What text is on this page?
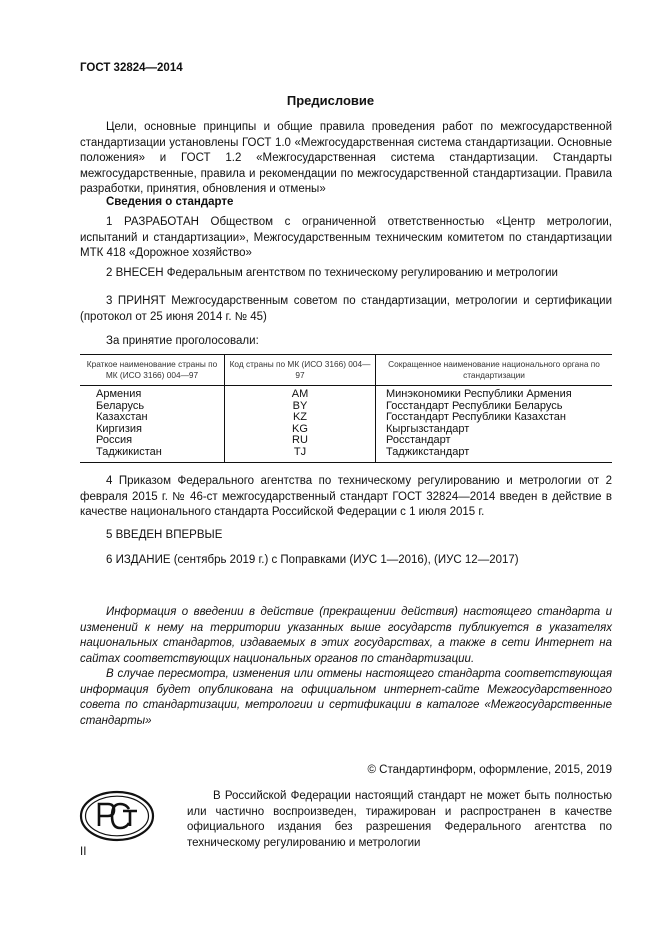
ГОСТ 32824—2014
Предисловие
Цели, основные принципы и общие правила проведения работ по межгосударственной стандартизации установлены ГОСТ 1.0 «Межгосударственная система стандартизации. Основные положения» и ГОСТ 1.2 «Межгосударственная система стандартизации. Стандарты межгосударственные, правила и рекомендации по межгосударственной стандартизации. Правила разработки, принятия, обновления и отмены»
Сведения о стандарте
1 РАЗРАБОТАН Обществом с ограниченной ответственностью «Центр метрологии, испытаний и стандартизации», Межгосударственным техническим комитетом по стандартизации МТК 418 «Дорожное хозяйство»
2 ВНЕСЕН Федеральным агентством по техническому регулированию и метрологии
3 ПРИНЯТ Межгосударственным советом по стандартизации, метрологии и сертификации (протокол от 25 июня 2014 г. № 45)
За принятие проголосовали:
Краткое наименование страны по МК (ИСО 3166) 004—97	Код страны по МК (ИСО 3166) 004—97	Сокращенное наименование национального органа по стандартизации
Армения	AM	Минэкономики Республики Армения
Беларусь	BY	Госстандарт Республики Беларусь
Казахстан	KZ	Госстандарт Республики Казахстан
Киргизия	KG	Кыргызстандарт
Россия	RU	Росстандарт
Таджикистан	TJ	Таджикстандарт
4 Приказом Федерального агентства по техническому регулированию и метрологии от 2 февраля 2015 г. № 46-ст межгосударственный стандарт ГОСТ 32824—2014 введен в действие в качестве национального стандарта Российской Федерации с 1 июля 2015 г.
5 ВВЕДЕН ВПЕРВЫЕ
6 ИЗДАНИЕ (сентябрь 2019 г.) с Поправками (ИУС 1—2016), (ИУС 12—2017)

Информация о введении в действие (прекращении действия) настоящего стандарта и изменений к нему на территории указанных выше государств публикуется в указателях национальных стандартов, издаваемых в этих государствах, а также в сети Интернет на сайтах соответствующих национальных органов по стандартизации.

В случае пересмотра, изменения или отмены настоящего стандарта соответствующая информация будет опубликована на официальном интернет-сайте Межгосударственного совета по стандартизации, метрологии и сертификации в каталоге «Межгосударственные стандарты»

© Стандартинформ, оформление, 2015, 2019
В Российской Федерации настоящий стандарт не может быть полностью или частично воспроизведен, тиражирован и распространен в качестве официального издания без разрешения Федерального агентства по техническому регулированию и метрологии
II
